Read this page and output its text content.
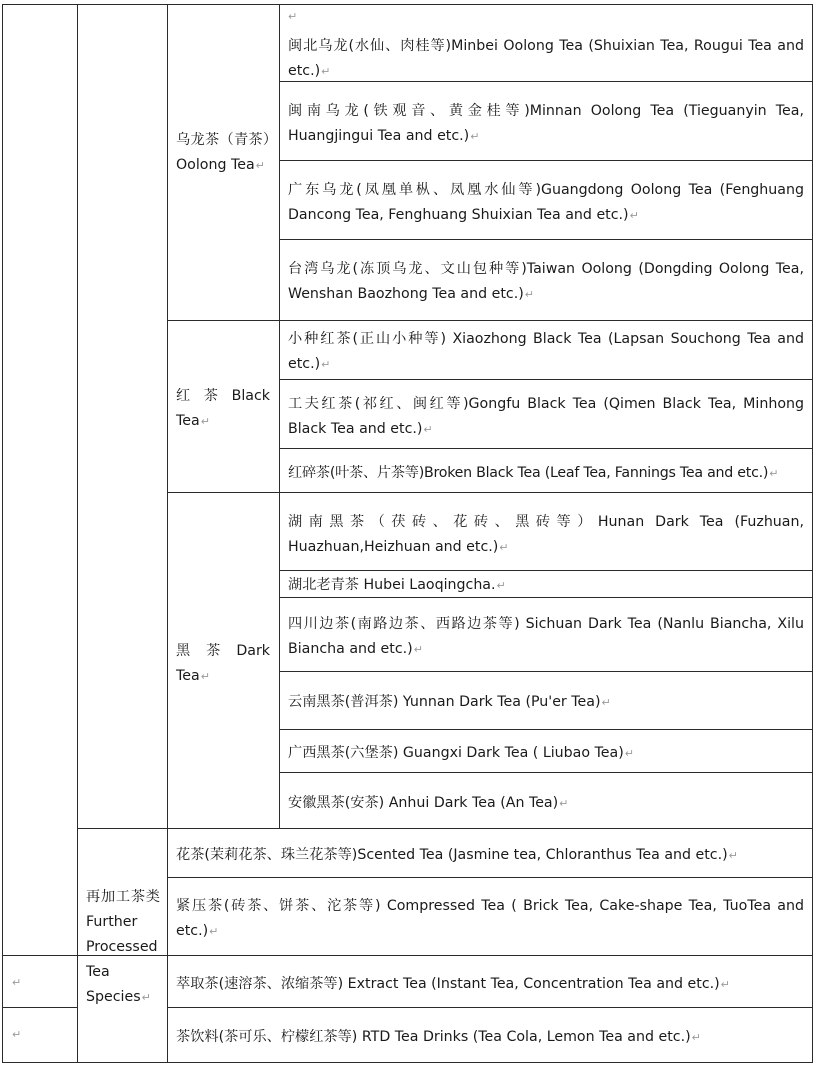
↵
↵
↵
乌龙茶（青茶）Oolong Tea↵
红 茶 Black Tea↵
黑 茶 Dark Tea↵
再加工茶类 Further Processed Tea Species↵
闽北乌龙(水仙、肉桂等)Minbei Oolong Tea (Shuixian Tea, Rougui Tea and etc.)↵
闽南乌龙(铁观音、黄金桂等)Minnan Oolong Tea (Tieguanyin Tea, Huangjingui Tea and etc.)↵
广东乌龙(凤凰单枞、凤凰水仙等)Guangdong Oolong Tea (Fenghuang Dancong Tea, Fenghuang Shuixian Tea and etc.)↵
台湾乌龙(冻顶乌龙、文山包种等)Taiwan Oolong (Dongding Oolong Tea, Wenshan Baozhong Tea and etc.)↵
小种红茶(正山小种等) Xiaozhong Black Tea (Lapsan Souchong Tea and etc.)↵
工夫红茶(祁红、闽红等)Gongfu Black Tea (Qimen Black Tea, Minhong Black Tea and etc.)↵
红碎茶(叶茶、片茶等)Broken Black Tea (Leaf Tea, Fannings Tea and etc.)↵
湖南黑茶（茯砖、花砖、黑砖等）Hunan Dark Tea (Fuzhuan, Huazhuan,Heizhuan and etc.)↵
湖北老青茶 Hubei Laoqingcha.↵
四川边茶(南路边茶、西路边茶等) Sichuan Dark Tea (Nanlu Biancha, Xilu Biancha and etc.)↵
云南黑茶(普洱茶) Yunnan Dark Tea (Pu'er Tea)↵
广西黑茶(六堡茶) Guangxi Dark Tea ( Liubao Tea)↵
安徽黑茶(安茶) Anhui Dark Tea (An Tea)↵
花茶(茉莉花茶、珠兰花茶等)Scented Tea (Jasmine tea, Chloranthus Tea and etc.)↵
紧压茶(砖茶、饼茶、沱茶等) Compressed Tea ( Brick Tea, Cake-shape Tea, TuoTea and etc.)↵
萃取茶(速溶茶、浓缩茶等) Extract Tea (Instant Tea, Concentration Tea and etc.)↵
茶饮料(茶可乐、柠檬红茶等) RTD Tea Drinks (Tea Cola, Lemon Tea and etc.)↵
